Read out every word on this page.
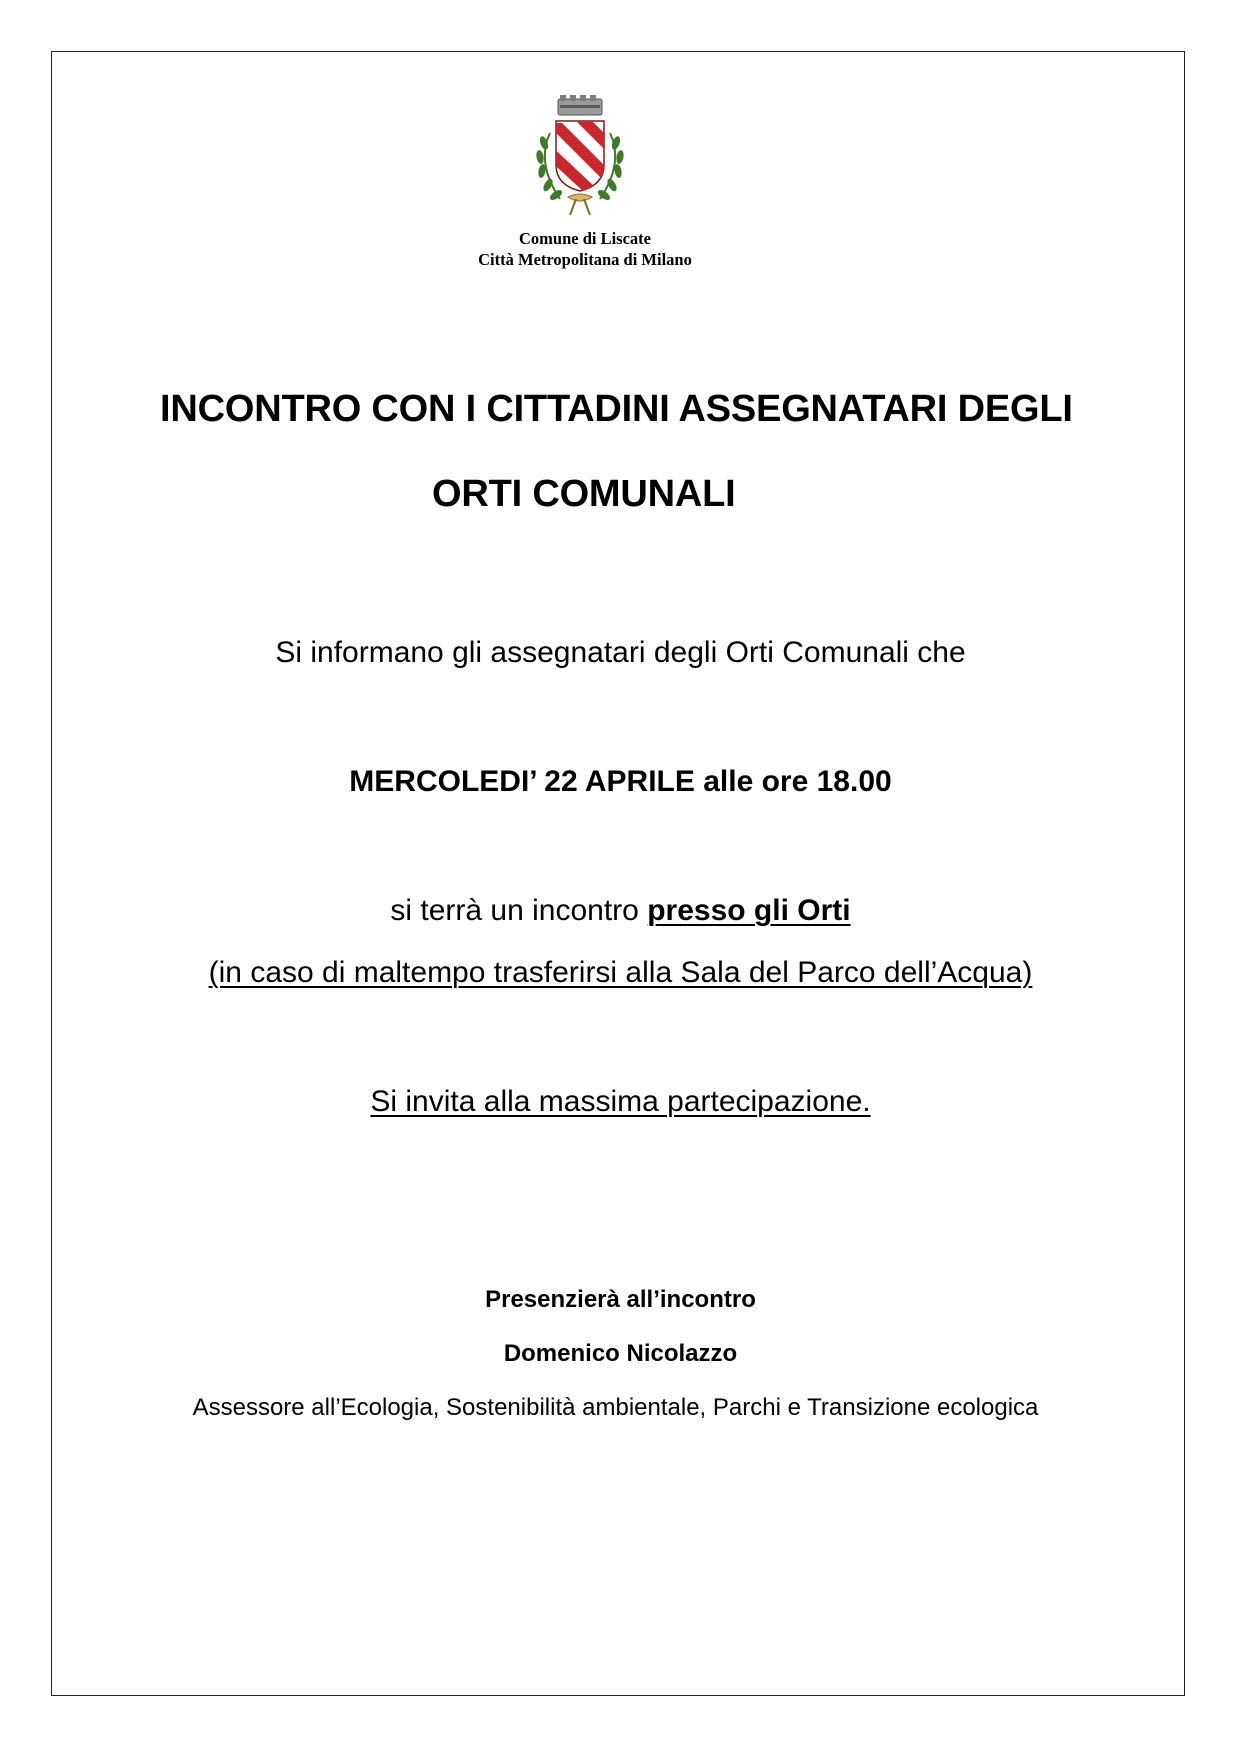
Comune di Liscate
Città Metropolitana di Milano
INCONTRO CON I CITTADINI ASSEGNATARI DEGLI
ORTI COMUNALI
Si informano gli assegnatari degli Orti Comunali che
MERCOLEDI’ 22 APRILE alle ore 18.00
si terrà un incontro presso gli Orti
(in caso di maltempo trasferirsi alla Sala del Parco dell’Acqua)
Si invita alla massima partecipazione.
Presenzierà all’incontro
Domenico Nicolazzo
Assessore all’Ecologia, Sostenibilità ambientale, Parchi e Transizione ecologica
